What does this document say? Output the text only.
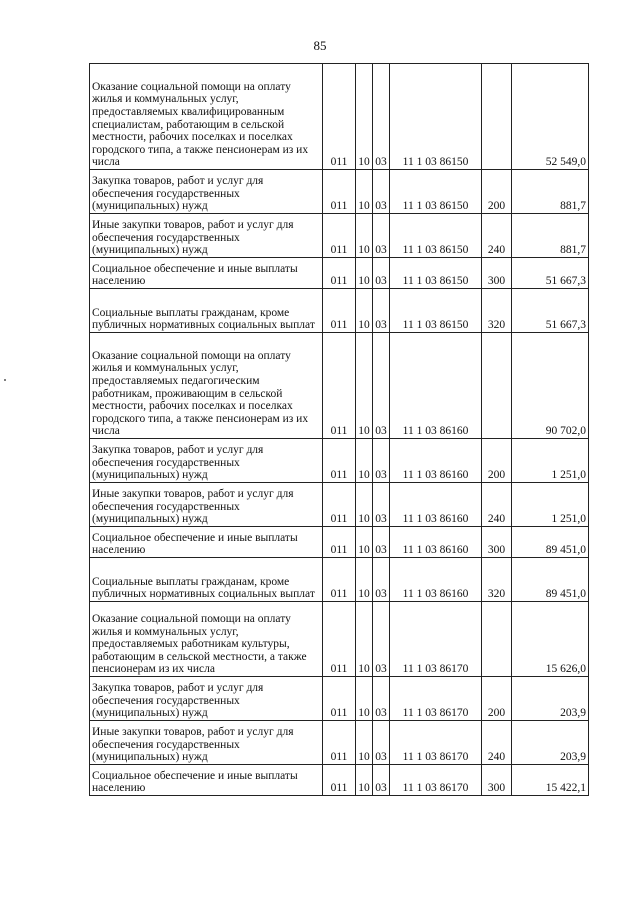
85
Оказание социальной помощи на оплату жилья и коммунальных услуг, предоставляемых квалифицированным специалистам, работающим в сельской местности, рабочих поселках и поселках городского типа, а также пенсионерам из их числа	011	10	03	11 1 03 86150		52 549,0
Закупка товаров, работ и услуг для обеспечения государственных (муниципальных) нужд	011	10	03	11 1 03 86150	200	881,7
Иные закупки товаров, работ и услуг для обеспечения государственных (муниципальных) нужд	011	10	03	11 1 03 86150	240	881,7
Социальное обеспечение и иные выплаты населению	011	10	03	11 1 03 86150	300	51 667,3
Социальные выплаты гражданам, кроме публичных нормативных социальных выплат	011	10	03	11 1 03 86150	320	51 667,3
Оказание социальной помощи на оплату жилья и коммунальных услуг, предоставляемых педагогическим работникам, проживающим в сельской местности, рабочих поселках и поселках городского типа, а также пенсионерам из их числа	011	10	03	11 1 03 86160		90 702,0
Закупка товаров, работ и услуг для обеспечения государственных (муниципальных) нужд	011	10	03	11 1 03 86160	200	1 251,0
Иные закупки товаров, работ и услуг для обеспечения государственных (муниципальных) нужд	011	10	03	11 1 03 86160	240	1 251,0
Социальное обеспечение и иные выплаты населению	011	10	03	11 1 03 86160	300	89 451,0
Социальные выплаты гражданам, кроме публичных нормативных социальных выплат	011	10	03	11 1 03 86160	320	89 451,0
Оказание социальной помощи на оплату жилья и коммунальных услуг, предоставляемых работникам культуры, работающим в сельской местности, а также пенсионерам из их числа	011	10	03	11 1 03 86170		15 626,0
Закупка товаров, работ и услуг для обеспечения государственных (муниципальных) нужд	011	10	03	11 1 03 86170	200	203,9
Иные закупки товаров, работ и услуг для обеспечения государственных (муниципальных) нужд	011	10	03	11 1 03 86170	240	203,9
Социальное обеспечение и иные выплаты населению	011	10	03	11 1 03 86170	300	15 422,1
